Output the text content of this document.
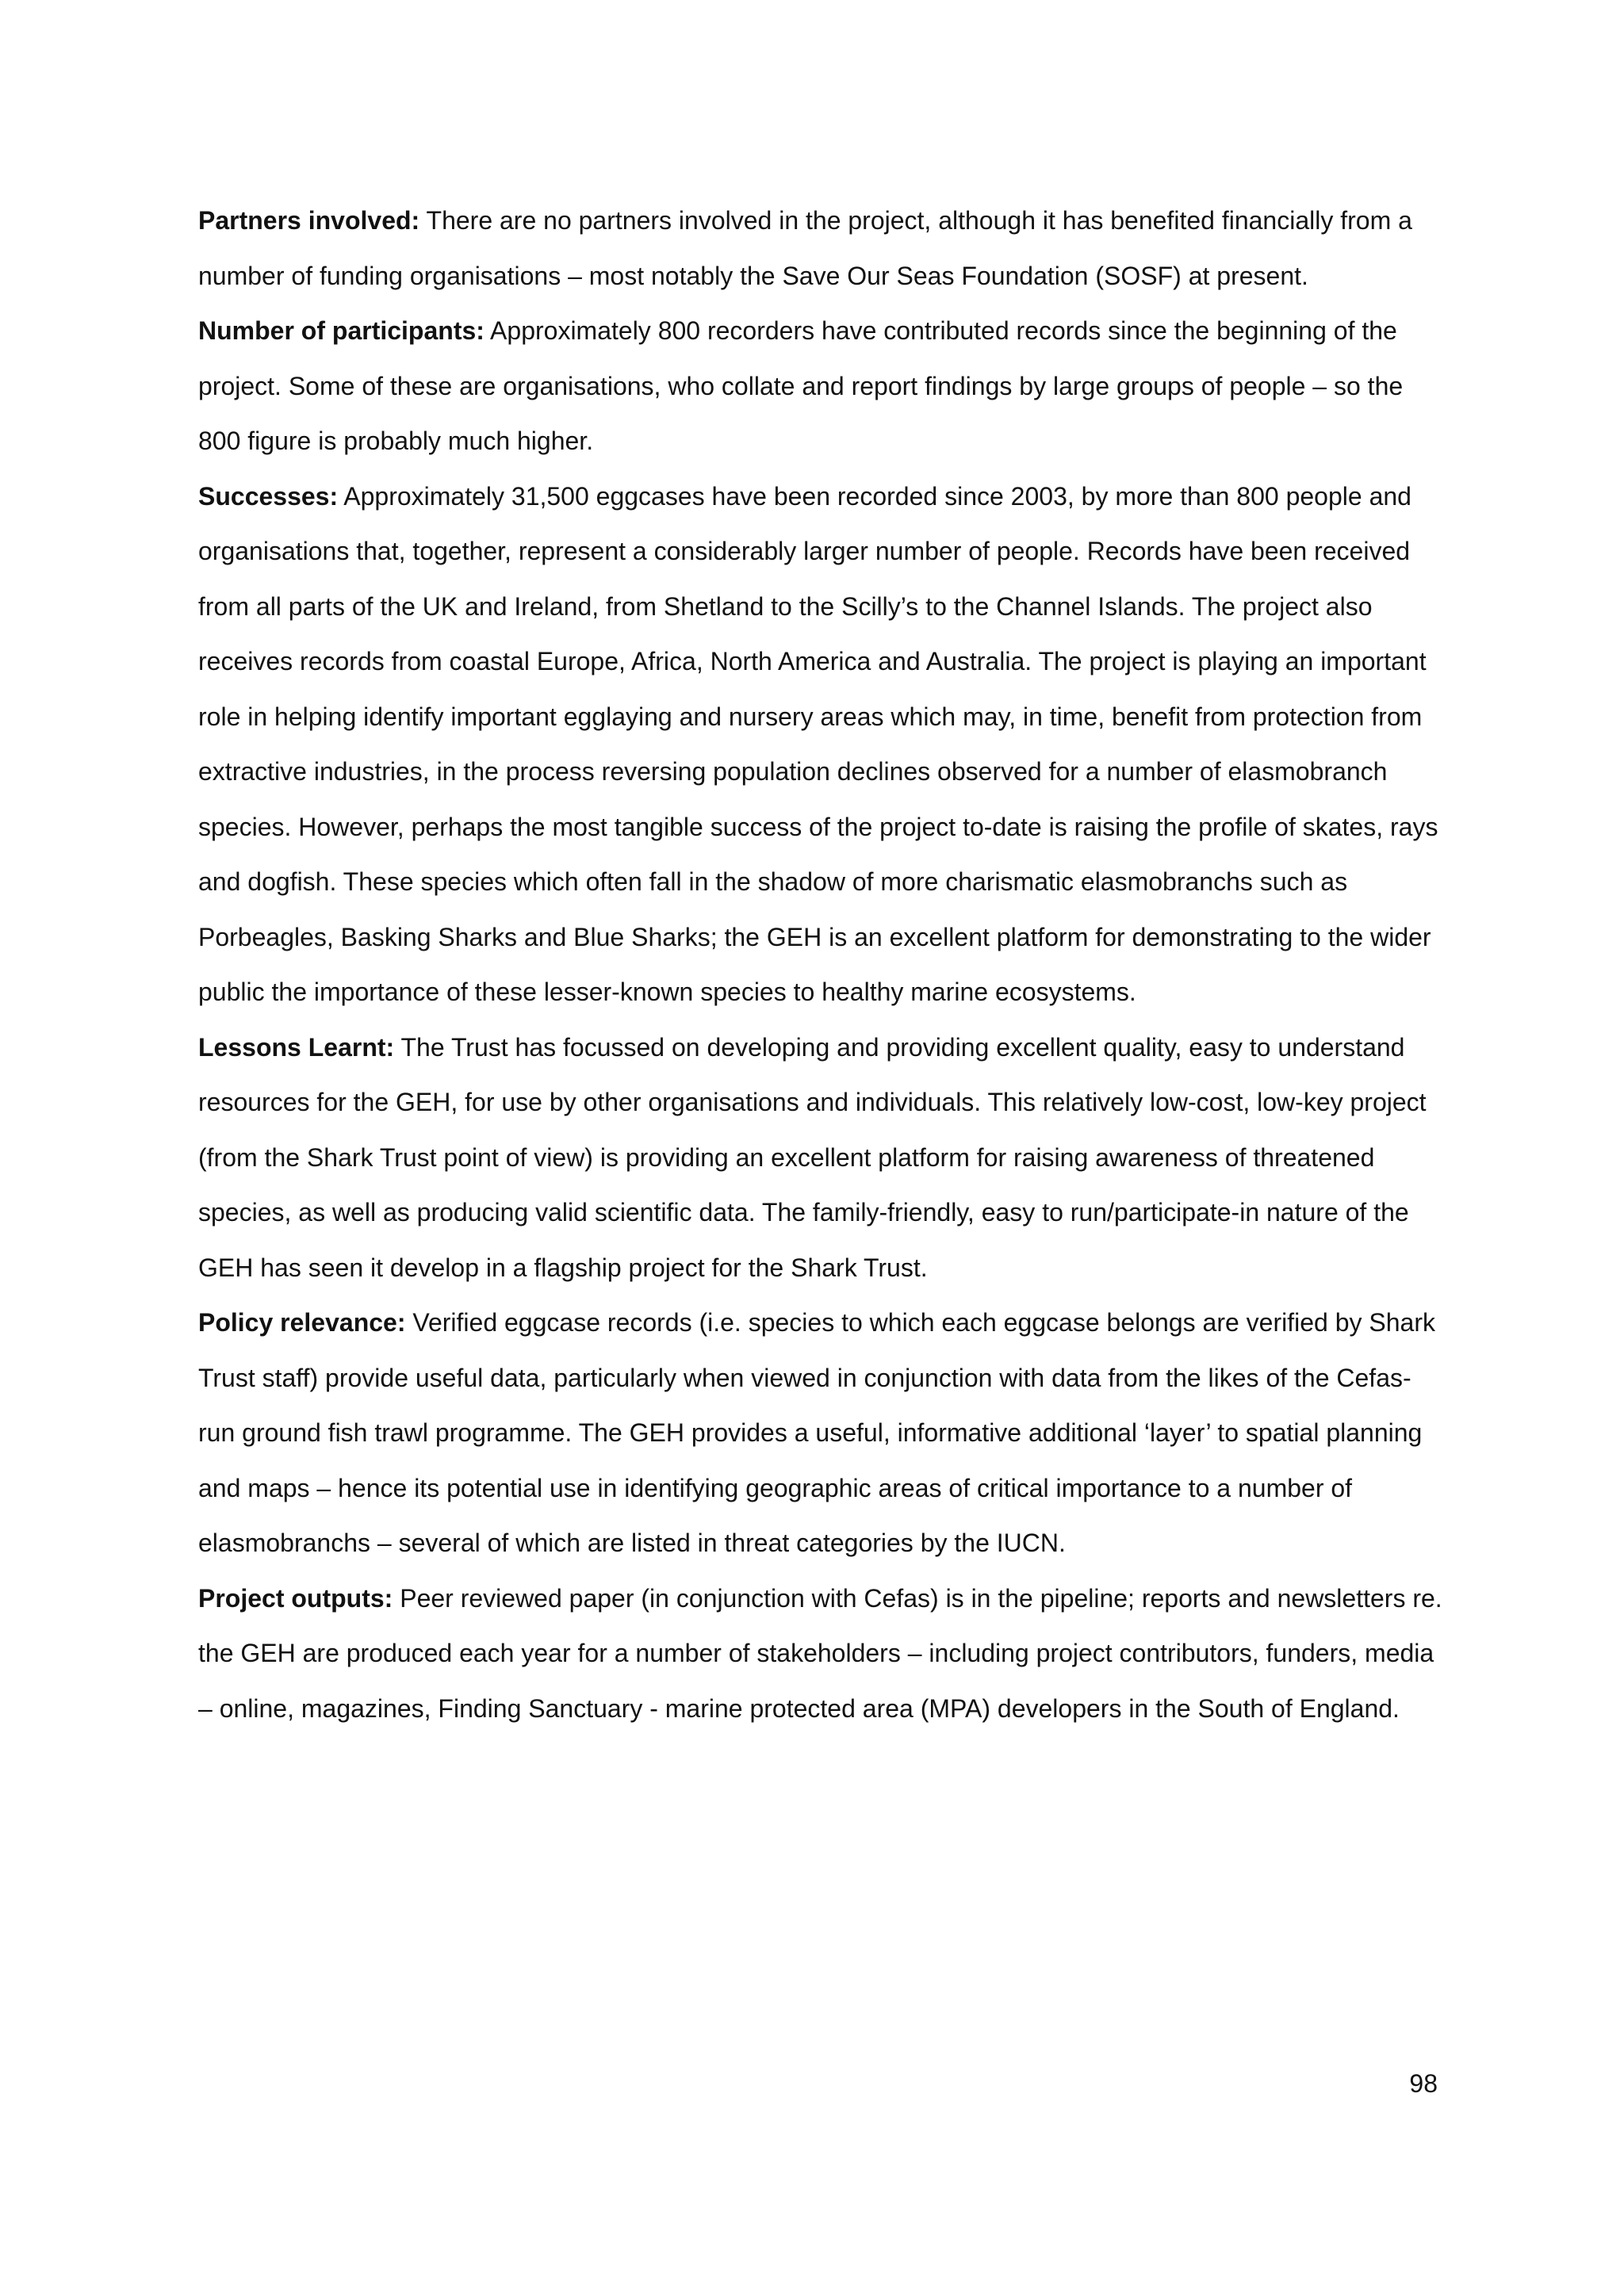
Partners involved: There are no partners involved in the project, although it has benefited financially from a number of funding organisations – most notably the Save Our Seas Foundation (SOSF) at present.

Number of participants: Approximately 800 recorders have contributed records since the beginning of the project. Some of these are organisations, who collate and report findings by large groups of people – so the 800 figure is probably much higher.

Successes: Approximately 31,500 eggcases have been recorded since 2003, by more than 800 people and organisations that, together, represent a considerably larger number of people. Records have been received from all parts of the UK and Ireland, from Shetland to the Scilly’s to the Channel Islands. The project also receives records from coastal Europe, Africa, North America and Australia. The project is playing an important role in helping identify important egglaying and nursery areas which may, in time, benefit from protection from extractive industries, in the process reversing population declines observed for a number of elasmobranch species. However, perhaps the most tangible success of the project to-date is raising the profile of skates, rays and dogfish. These species which often fall in the shadow of more charismatic elasmobranchs such as Porbeagles, Basking Sharks and Blue Sharks; the GEH is an excellent platform for demonstrating to the wider public the importance of these lesser-known species to healthy marine ecosystems.

Lessons Learnt: The Trust has focussed on developing and providing excellent quality, easy to understand resources for the GEH, for use by other organisations and individuals. This relatively low-cost, low-key project (from the Shark Trust point of view) is providing an excellent platform for raising awareness of threatened species, as well as producing valid scientific data. The family-friendly, easy to run/participate-in nature of the GEH has seen it develop in a flagship project for the Shark Trust.

Policy relevance: Verified eggcase records (i.e. species to which each eggcase belongs are verified by Shark Trust staff) provide useful data, particularly when viewed in conjunction with data from the likes of the Cefas-run ground fish trawl programme. The GEH provides a useful, informative additional ‘layer’ to spatial planning and maps – hence its potential use in identifying geographic areas of critical importance to a number of elasmobranchs – several of which are listed in threat categories by the IUCN.

Project outputs: Peer reviewed paper (in conjunction with Cefas) is in the pipeline; reports and newsletters re. the GEH are produced each year for a number of stakeholders – including project contributors, funders, media – online, magazines, Finding Sanctuary - marine protected area (MPA) developers in the South of England.

98
